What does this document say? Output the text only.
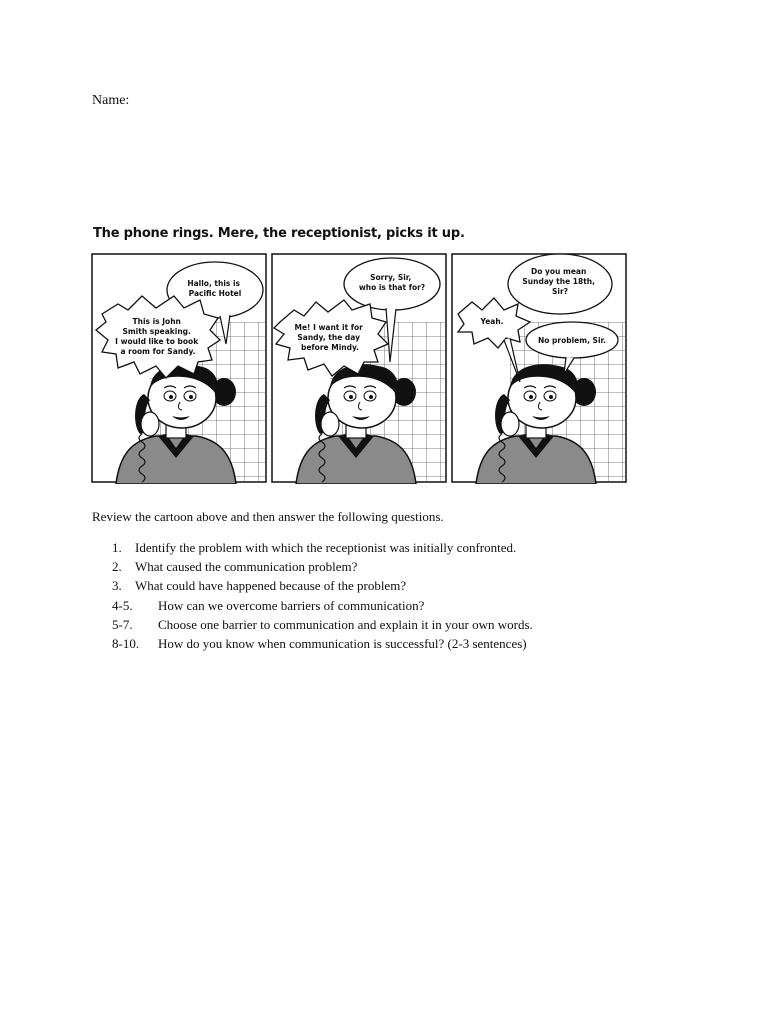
Name:
The phone rings. Mere, the receptionist, picks it up.
Hallo, this is Pacific Hotel
This is John Smith speaking. I would like to book a room for Sandy.
Sorry, Sir, who is that for?
Me! I want it for Sandy, the day before Mindy.
Do you mean Sunday the 18th, Sir?
Yeah.
No problem, Sir.
Review the cartoon above and then answer the following questions.
1.	Identify the problem with which the receptionist was initially confronted.
2.	What caused the communication problem?
3.	What could have happened because of the problem?
4-5.	How can we overcome barriers of communication?
5-7.	Choose one barrier to communication and explain it in your own words.
8-10.	How do you know when communication is successful? (2-3 sentences)
